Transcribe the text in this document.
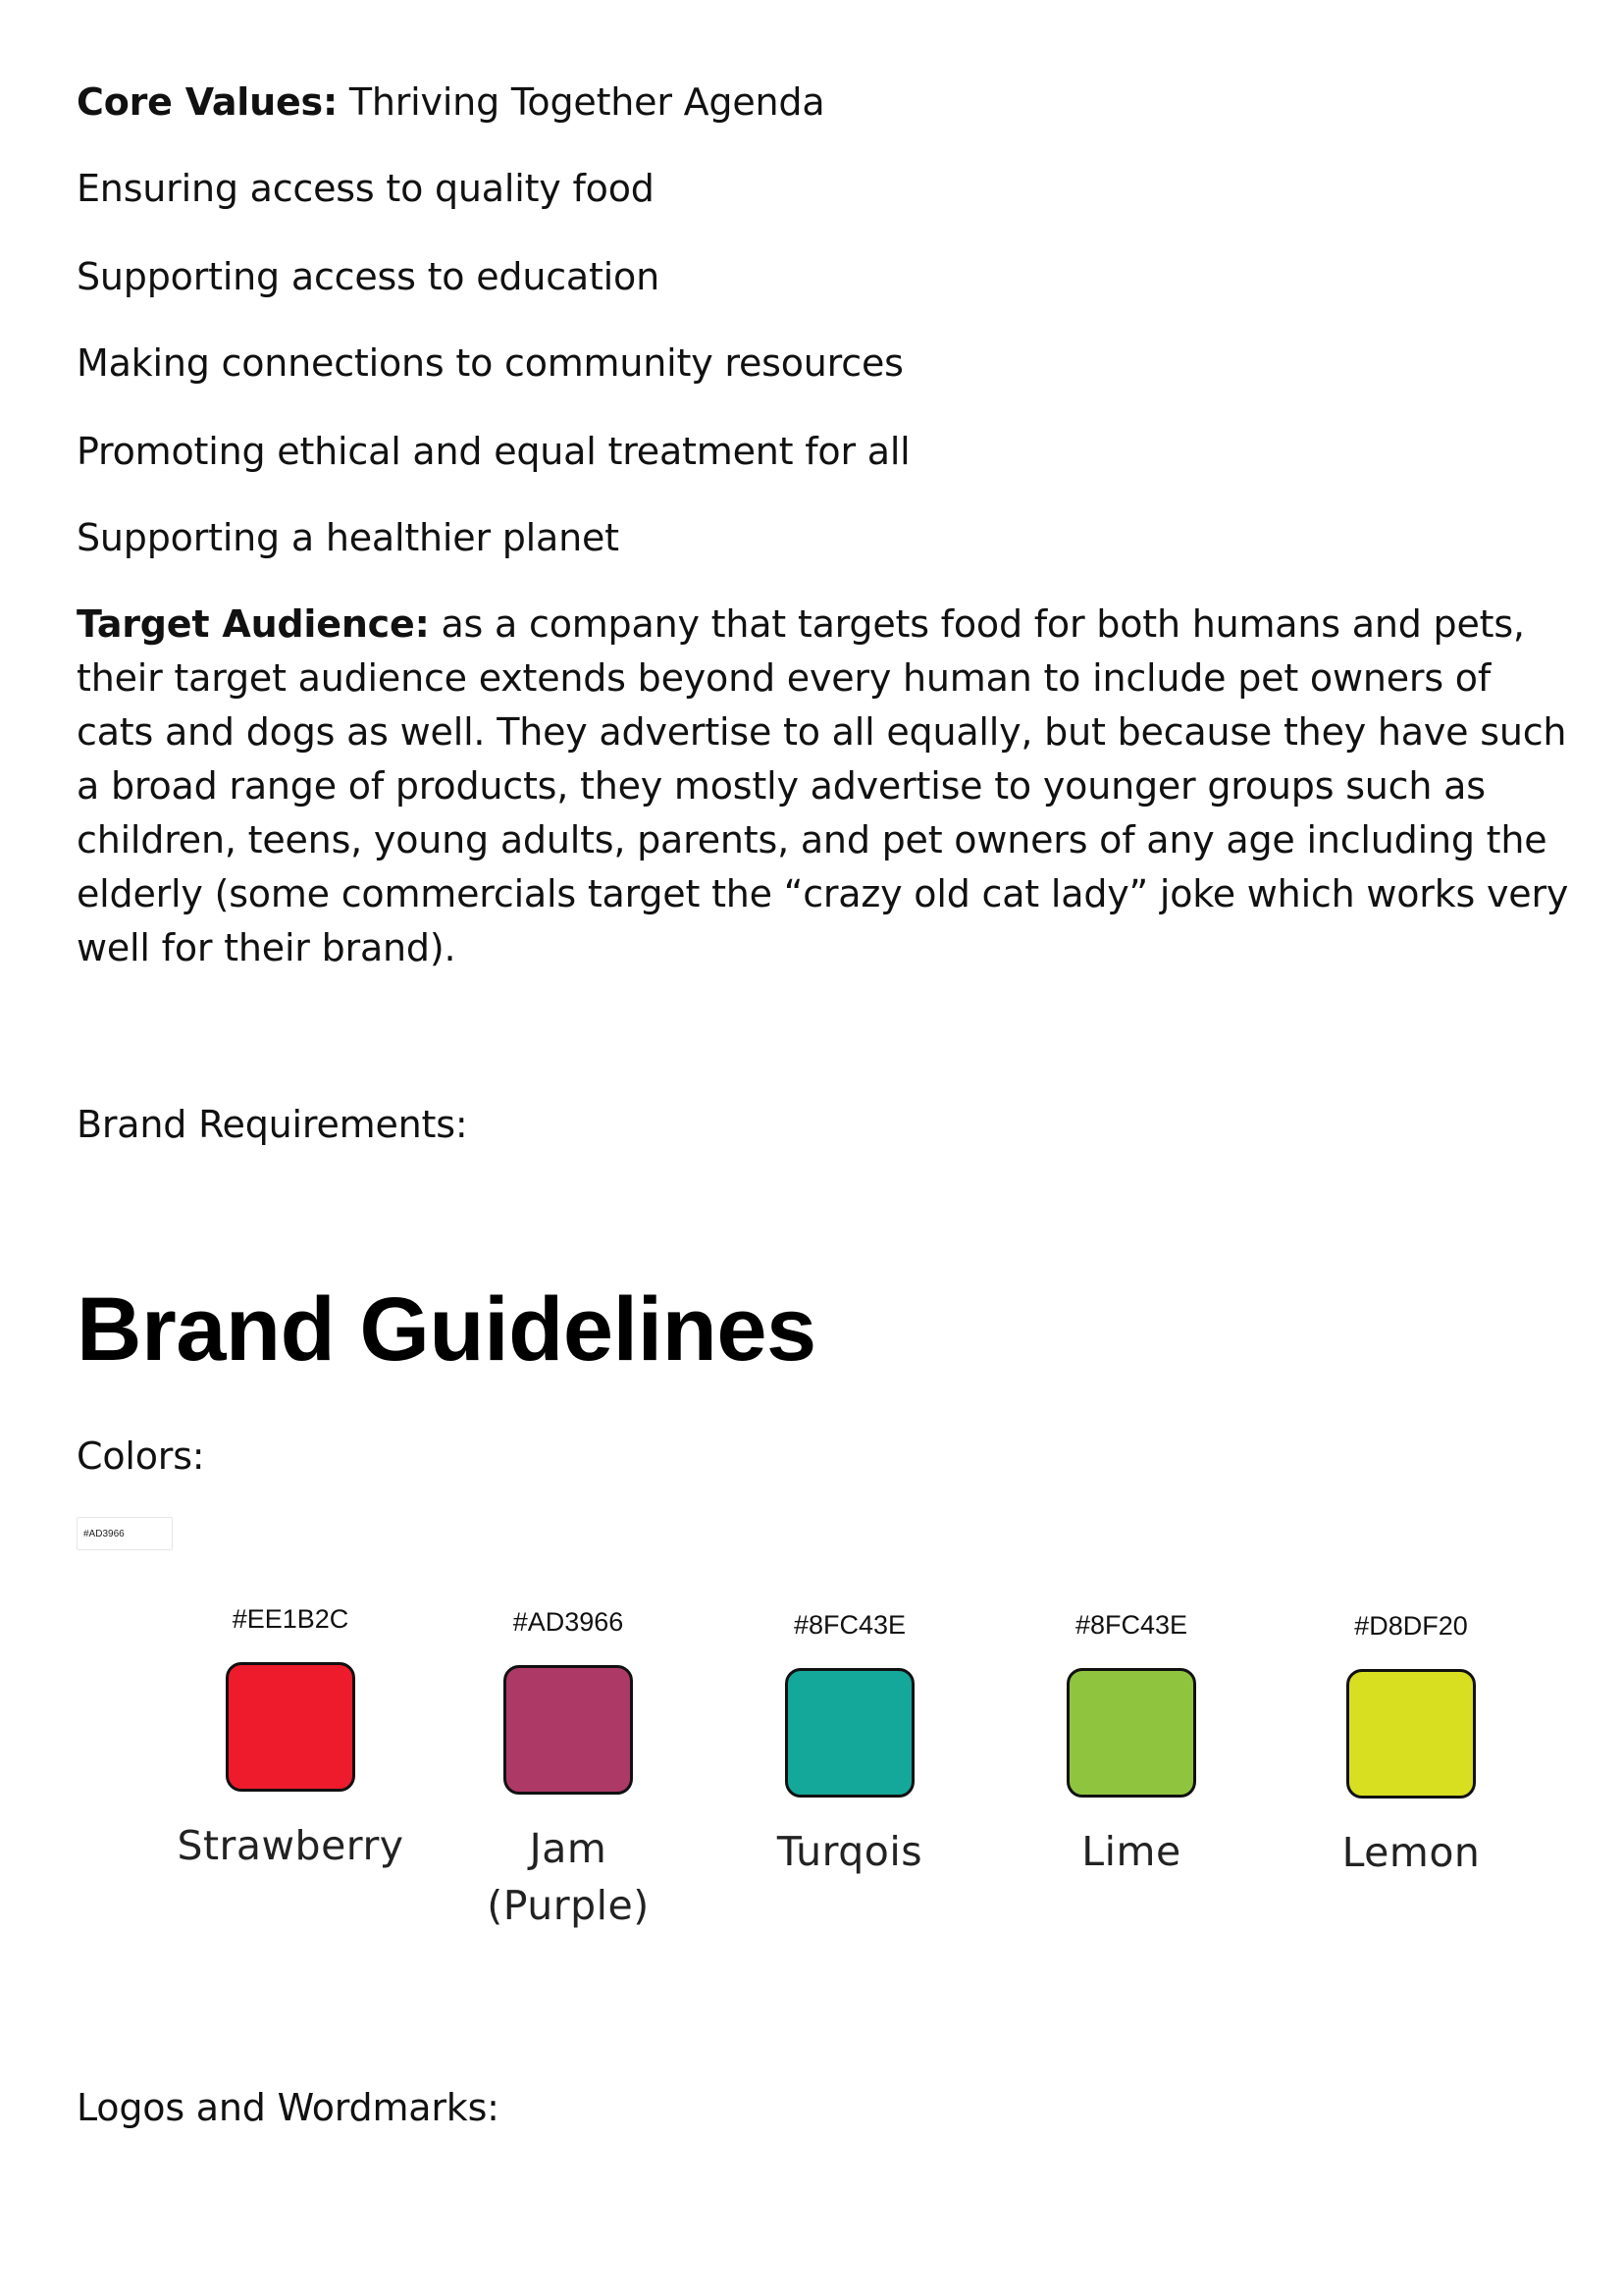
Core Values: Thriving Together Agenda
Ensuring access to quality food
Supporting access to education
Making connections to community resources
Promoting ethical and equal treatment for all
Supporting a healthier planet
Target Audience: as a company that targets food for both humans and pets, their target audience extends beyond every human to include pet owners of cats and dogs as well. They advertise to all equally, but because they have such a broad range of products, they mostly advertise to younger groups such as children, teens, young adults, parents, and pet owners of any age including the elderly (some commercials target the “crazy old cat lady” joke which works very well for their brand).
Brand Requirements:
Brand Guidelines
Colors:
#AD3966
#EE1B2C
Strawberry
#AD3966
Jam (Purple)
#8FC43E
Turqois
#8FC43E
Lime
#D8DF20
Lemon
Logos and Wordmarks:
